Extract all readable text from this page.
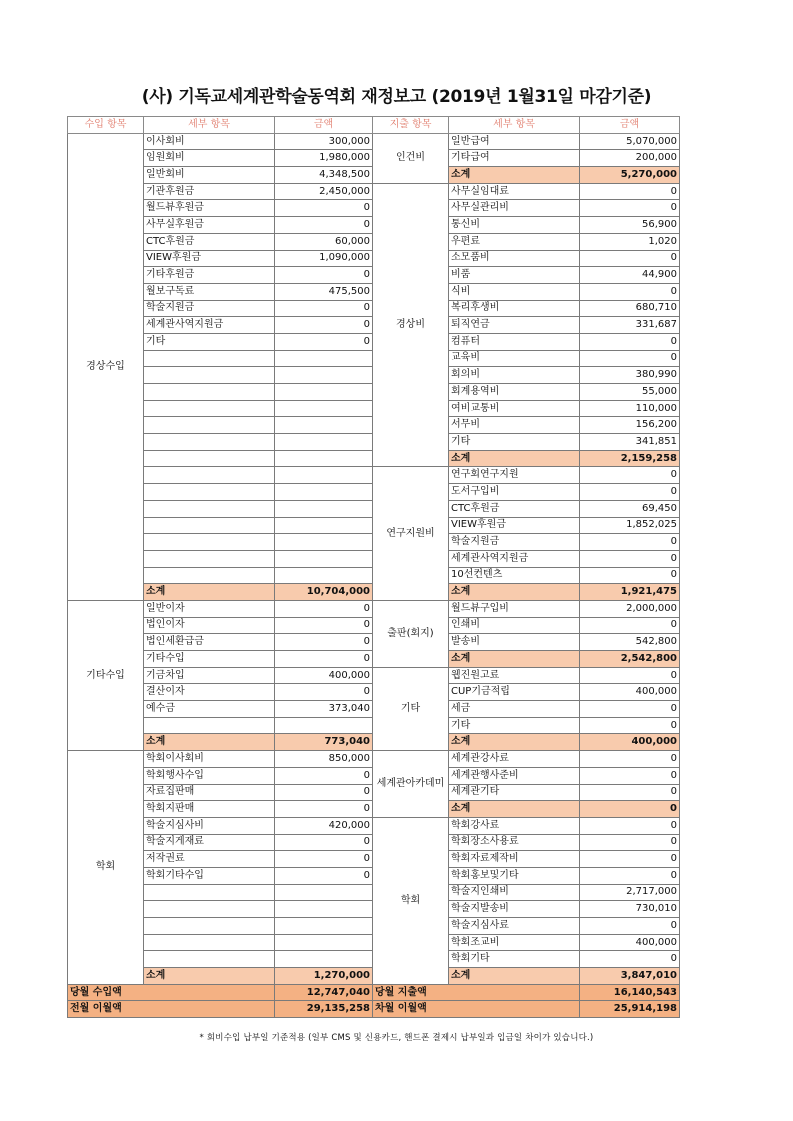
(사) 기독교세계관학술동역회 재정보고 (2019년 1월31일 마감기준)
수입 항목	세부 항목	금액	지출 항목	세부 항목	금액
경상수입	이사회비	300,000	인건비	일반급여	5,070,000
	임원회비	1,980,000		기타급여	200,000
	일반회비	4,348,500		소계	5,270,000
	기관후원금	2,450,000	경상비	사무실임대료	0
	월드뷰후원금	0		사무실관리비	0
	사무실후원금	0		통신비	56,900
	CTC후원금	60,000		우편료	1,020
	VIEW후원금	1,090,000		소모품비	0
	기타후원금	0		비품	44,900
	월보구독료	475,500		식비	0
	학술지원금	0		복리후생비	680,710
	세계관사역지원금	0		퇴직연금	331,687
	기타	0		컴퓨터	0
				교육비	0
				회의비	380,990
				회계용역비	55,000
				여비교통비	110,000
				서무비	156,200
				기타	341,851
				소계	2,159,258
			연구지원비	연구회연구지원	0
				도서구입비	0
				CTC후원금	69,450
				VIEW후원금	1,852,025
				학술지원금	0
				세계관사역지원금	0
				10선컨텐츠	0
	소계	10,704,000		소계	1,921,475
기타수입	일반이자	0	출판(회지)	월드뷰구입비	2,000,000
	법인이자	0		인쇄비	0
	법인세환급금	0		발송비	542,800
	기타수입	0		소계	2,542,800
	기금차입	400,000	기타	웹진원고료	0
	결산이자	0		CUP기금적립	400,000
	예수금	373,040		세금	0
				기타	0
	소계	773,040		소계	400,000
학회	학회이사회비	850,000	세계관아카데미	세계관강사료	0
	학회행사수입	0		세계관행사준비	0
	자료집판매	0		세계관기타	0
	학회지판매	0		소계	0
	학술지심사비	420,000	학회	학회강사료	0
	학술지게재료	0		학회장소사용료	0
	저작권료	0		학회자료제작비	0
	학회기타수입	0		학회홍보및기타	0
				학술지인쇄비	2,717,000
				학술지발송비	730,010
				학술지심사료	0
				학회조교비	400,000
				학회기타	0
	소계	1,270,000		소계	3,847,010
당월 수입액		12,747,040	당월 지출액		16,140,543
전월 이월액		29,135,258	차월 이월액		25,914,198
* 회비수입 납부일 기준적용 (일부 CMS 및 신용카드, 핸드폰 결제시 납부일과 입금일 차이가 있습니다.)
